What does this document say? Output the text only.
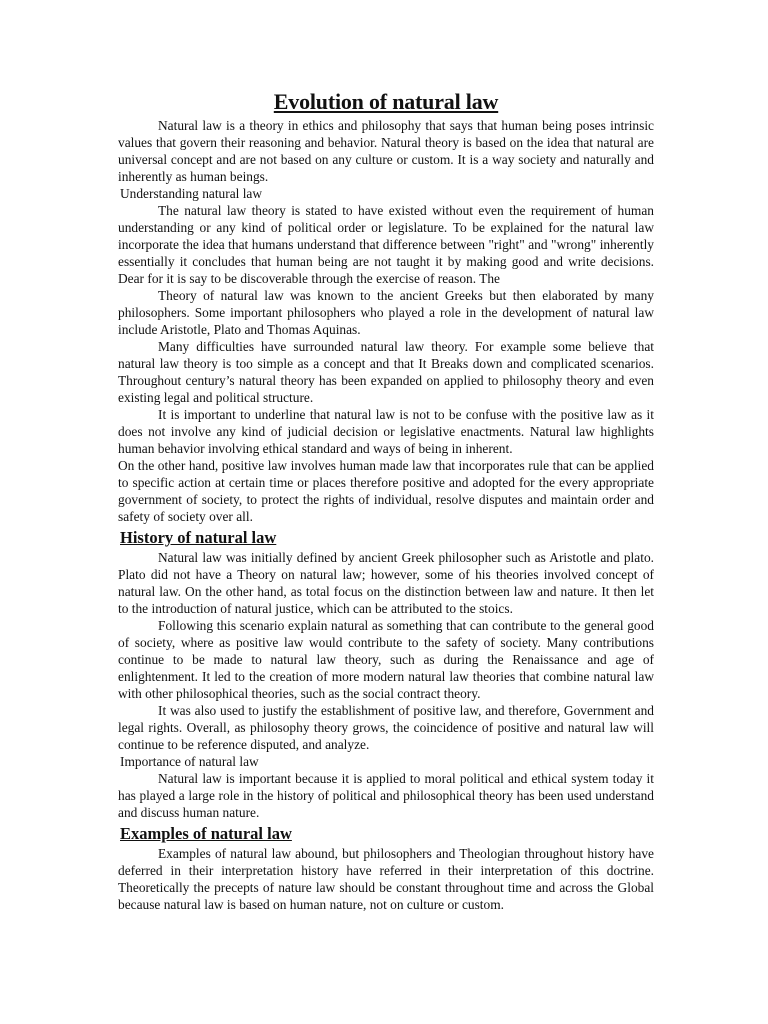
Evolution of natural law

Natural law is a theory in ethics and philosophy that says that human being poses intrinsic values that govern their reasoning and behavior. Natural theory is based on the idea that natural are universal concept and are not based on any culture or custom. It is a way society and naturally and inherently as human beings.

Understanding natural law

The natural law theory is stated to have existed without even the requirement of human understanding or any kind of political order or legislature. To be explained for the natural law incorporate the idea that humans understand that difference between "right" and "wrong" inherently essentially it concludes that human being are not taught it by making good and write decisions. Dear for it is say to be discoverable through the exercise of reason. The

Theory of natural law was known to the ancient Greeks but then elaborated by many philosophers. Some important philosophers who played a role in the development of natural law include Aristotle, Plato and Thomas Aquinas.

Many difficulties have surrounded natural law theory. For example some believe that natural law theory is too simple as a concept and that It Breaks down and complicated scenarios. Throughout century’s natural theory has been expanded on applied to philosophy theory and even existing legal and political structure.

It is important to underline that natural law is not to be confuse with the positive law as it does not involve any kind of judicial decision or legislative enactments. Natural law highlights human behavior involving ethical standard and ways of being in inherent.

On the other hand, positive law involves human made law that incorporates rule that can be applied to specific action at certain time or places therefore positive and adopted for the every appropriate government of society, to protect the rights of individual, resolve disputes and maintain order and safety of society over all.

History of natural law

Natural law was initially defined by ancient Greek philosopher such as Aristotle and plato. Plato did not have a Theory on natural law; however, some of his theories involved concept of natural law. On the other hand, as total focus on the distinction between law and nature. It then let to the introduction of natural justice, which can be attributed to the stoics.

Following this scenario explain natural as something that can contribute to the general good of society, where as positive law would contribute to the safety of society. Many contributions continue to be made to natural law theory, such as during the Renaissance and age of enlightenment. It led to the creation of more modern natural law theories that combine natural law with other philosophical theories, such as the social contract theory.

It was also used to justify the establishment of positive law, and therefore, Government and legal rights. Overall, as philosophy theory grows, the coincidence of positive and natural law will continue to be reference disputed, and analyze.

Importance of natural law

Natural law is important because it is applied to moral political and ethical system today it has played a large role in the history of political and philosophical theory has been used understand and discuss human nature.

Examples of natural law

Examples of natural law abound, but philosophers and Theologian throughout history have deferred in their interpretation history have referred in their interpretation of this doctrine. Theoretically the precepts of nature law should be constant throughout time and across the Global because natural law is based on human nature, not on culture or custom.
